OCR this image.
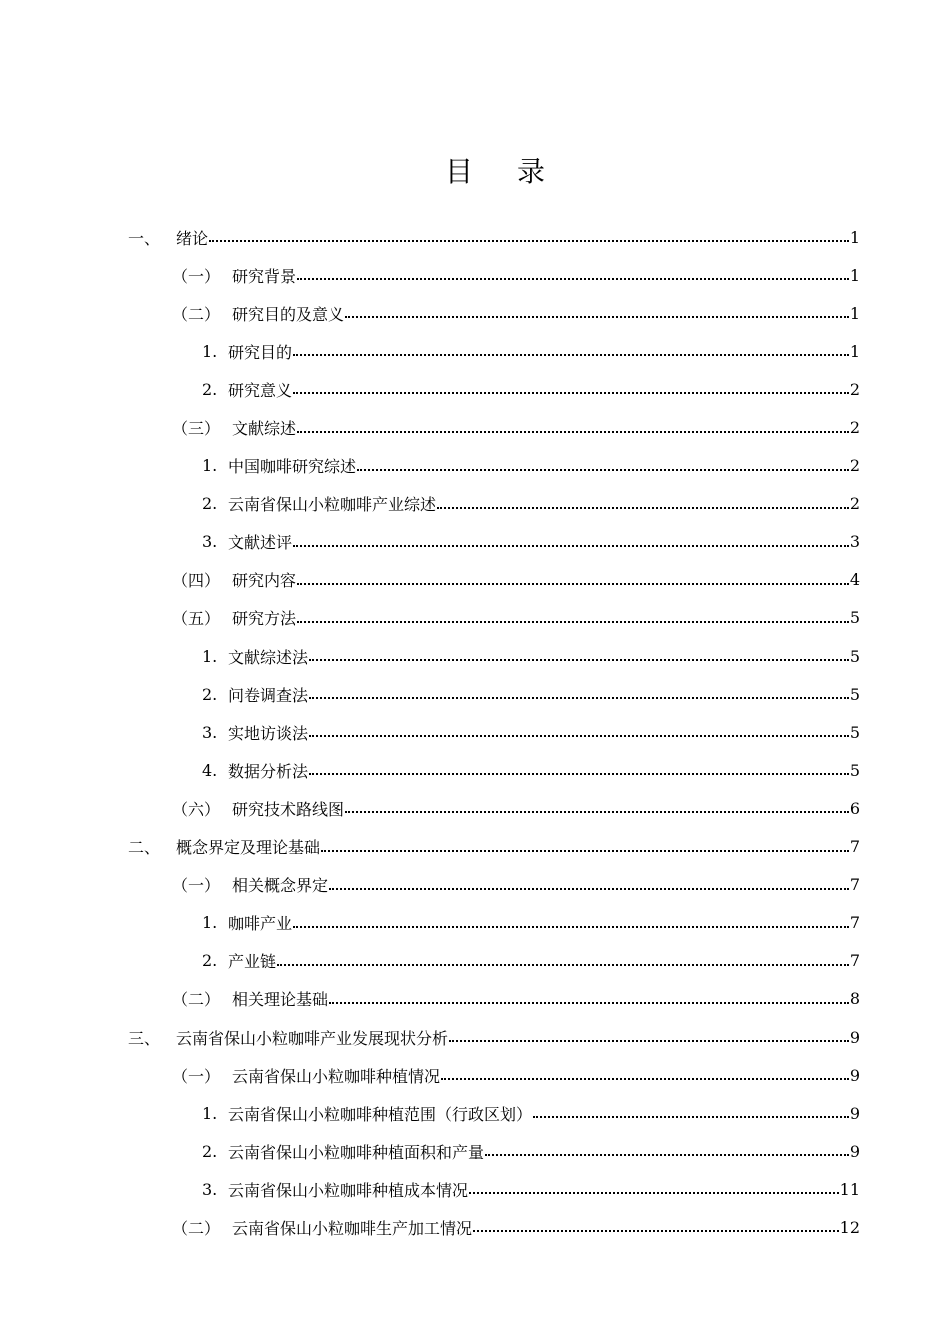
目 录
一、 绪论	1
（一） 研究背景	1
（二） 研究目的及意义	1
1. 研究目的	1
2. 研究意义	2
（三） 文献综述	2
1. 中国咖啡研究综述	2
2. 云南省保山小粒咖啡产业综述	2
3. 文献述评	3
（四） 研究内容	4
（五） 研究方法	5
1. 文献综述法	5
2. 问卷调查法	5
3. 实地访谈法	5
4. 数据分析法	5
（六） 研究技术路线图	6
二、 概念界定及理论基础	7
（一） 相关概念界定	7
1. 咖啡产业	7
2. 产业链	7
（二） 相关理论基础	8
三、 云南省保山小粒咖啡产业发展现状分析	9
（一） 云南省保山小粒咖啡种植情况	9
1. 云南省保山小粒咖啡种植范围（行政区划）	9
2. 云南省保山小粒咖啡种植面积和产量	9
3. 云南省保山小粒咖啡种植成本情况	11
（二） 云南省保山小粒咖啡生产加工情况	12
